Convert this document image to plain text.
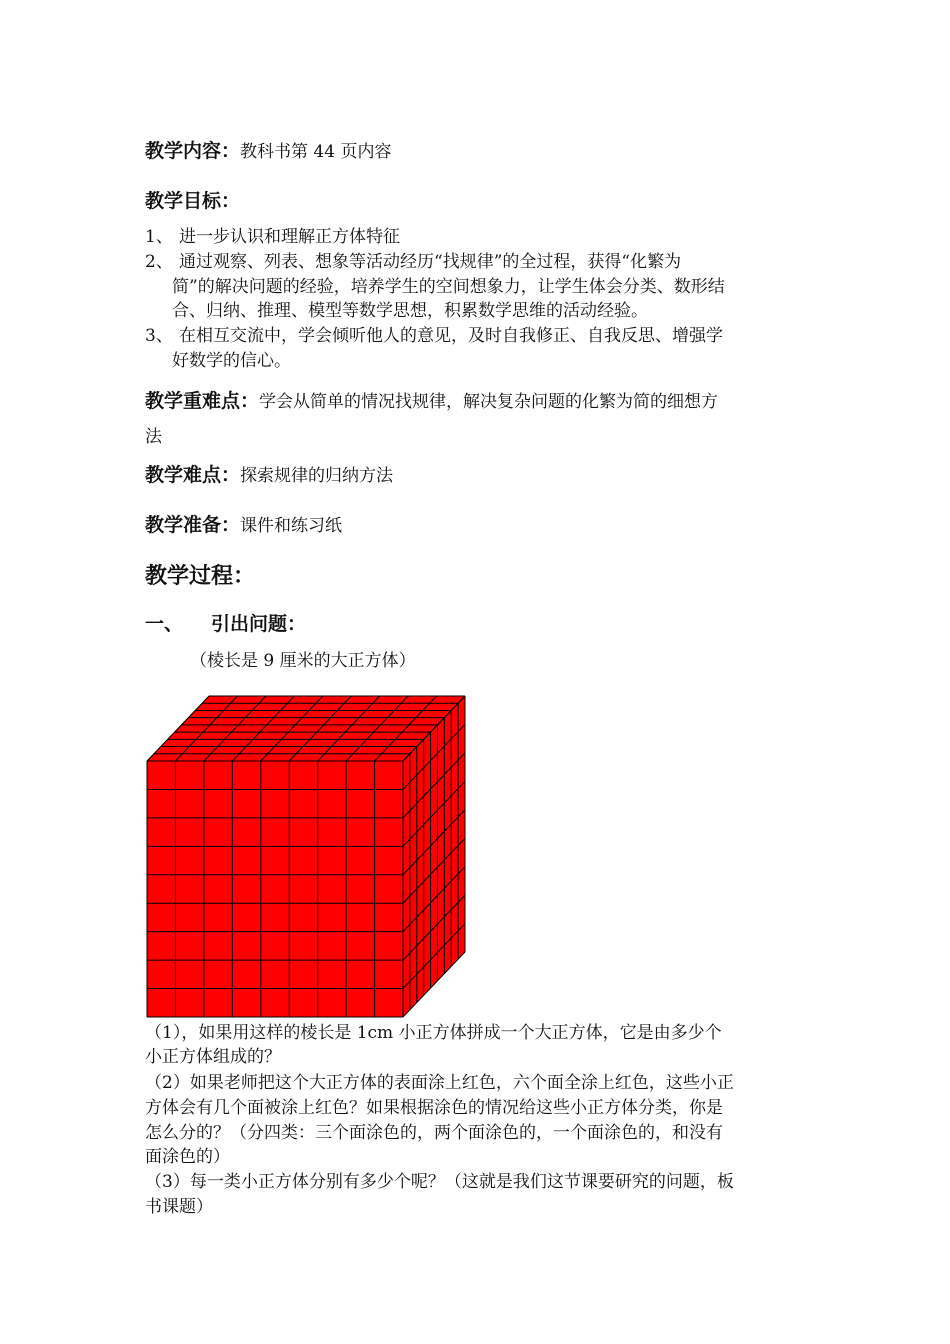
教学内容：教科书第 44 页内容
教学目标：
1、 进一步认识和理解正方体特征
2、 通过观察、列表、想象等活动经历“找规律”的全过程，获得“化繁为
简”的解决问题的经验，培养学生的空间想象力，让学生体会分类、数形结
合、归纳、推理、模型等数学思想，积累数学思维的活动经验。
3、 在相互交流中，学会倾听他人的意见，及时自我修正、自我反思、增强学
好数学的信心。
教学重难点：学会从简单的情况找规律，解决复杂问题的化繁为简的细想方
法
教学难点：探索规律的归纳方法
教学准备：课件和练习纸
教学过程：
一、 引出问题：
（棱长是 9 厘米的大正方体）
（1），如果用这样的棱长是 1cm 小正方体拼成一个大正方体，它是由多少个
小正方体组成的？
（2）如果老师把这个大正方体的表面涂上红色，六个面全涂上红色，这些小正
方体会有几个面被涂上红色？如果根据涂色的情况给这些小正方体分类，你是
怎么分的？（分四类：三个面涂色的，两个面涂色的，一个面涂色的，和没有
面涂色的）
（3）每一类小正方体分别有多少个呢？（这就是我们这节课要研究的问题，板
书课题）
